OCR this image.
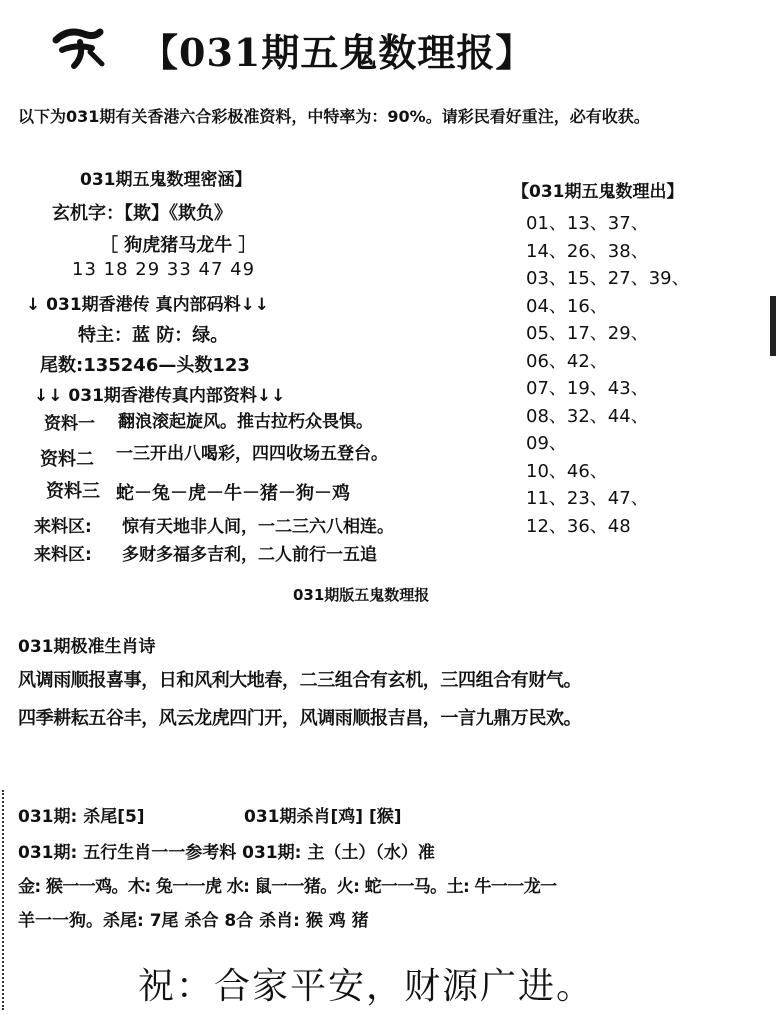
【031期五鬼数理报】
以下为031期有关香港六合彩极准资料，中特率为：90%。请彩民看好重注，必有收获。
031期五鬼数理密涵】
玄机字：【欺】《欺负》
［ 狗虎猪马龙牛 ］
13 18 29 33 47 49
↓ 031期香港传 真内部码料↓↓
特主：蓝 防：绿。
尾数:135246—头数123
↓↓ 031期香港传真内部资料↓↓
资料一 翻浪滚起旋风。推古拉朽众畏惧。
资料二 一三开出八喝彩，四四收场五登台。
资料三 蛇－兔－虎－牛－猪－狗－鸡
来料区: 惊有天地非人间，一二三六八相连。
来料区: 多财多福多吉利，二人前行一五追
【031期五鬼数理出】
01、13、37、
14、26、38、
03、15、27、39、
04、16、
05、17、29、
06、42、
07、19、43、
08、32、44、
09、
10、46、
11、23、47、
12、36、48
031期版五鬼数理报
031期极准生肖诗
风调雨顺报喜事，日和风利大地春，二三组合有玄机，三四组合有财气。
四季耕耘五谷丰，风云龙虎四门开，风调雨顺报吉昌，一言九鼎万民欢。
031期: 杀尾[5]	031期杀肖[鸡] [猴]
031期: 五行生肖一一参考料 031期: 主（土）（水）准
金: 猴一一鸡。木: 兔一一虎 水: 鼠一一猪。火: 蛇一一马。土: 牛一一龙一
羊一一狗。杀尾: 7尾 杀合 8合 杀肖: 猴 鸡 猪
祝：合家平安，财源广进。
